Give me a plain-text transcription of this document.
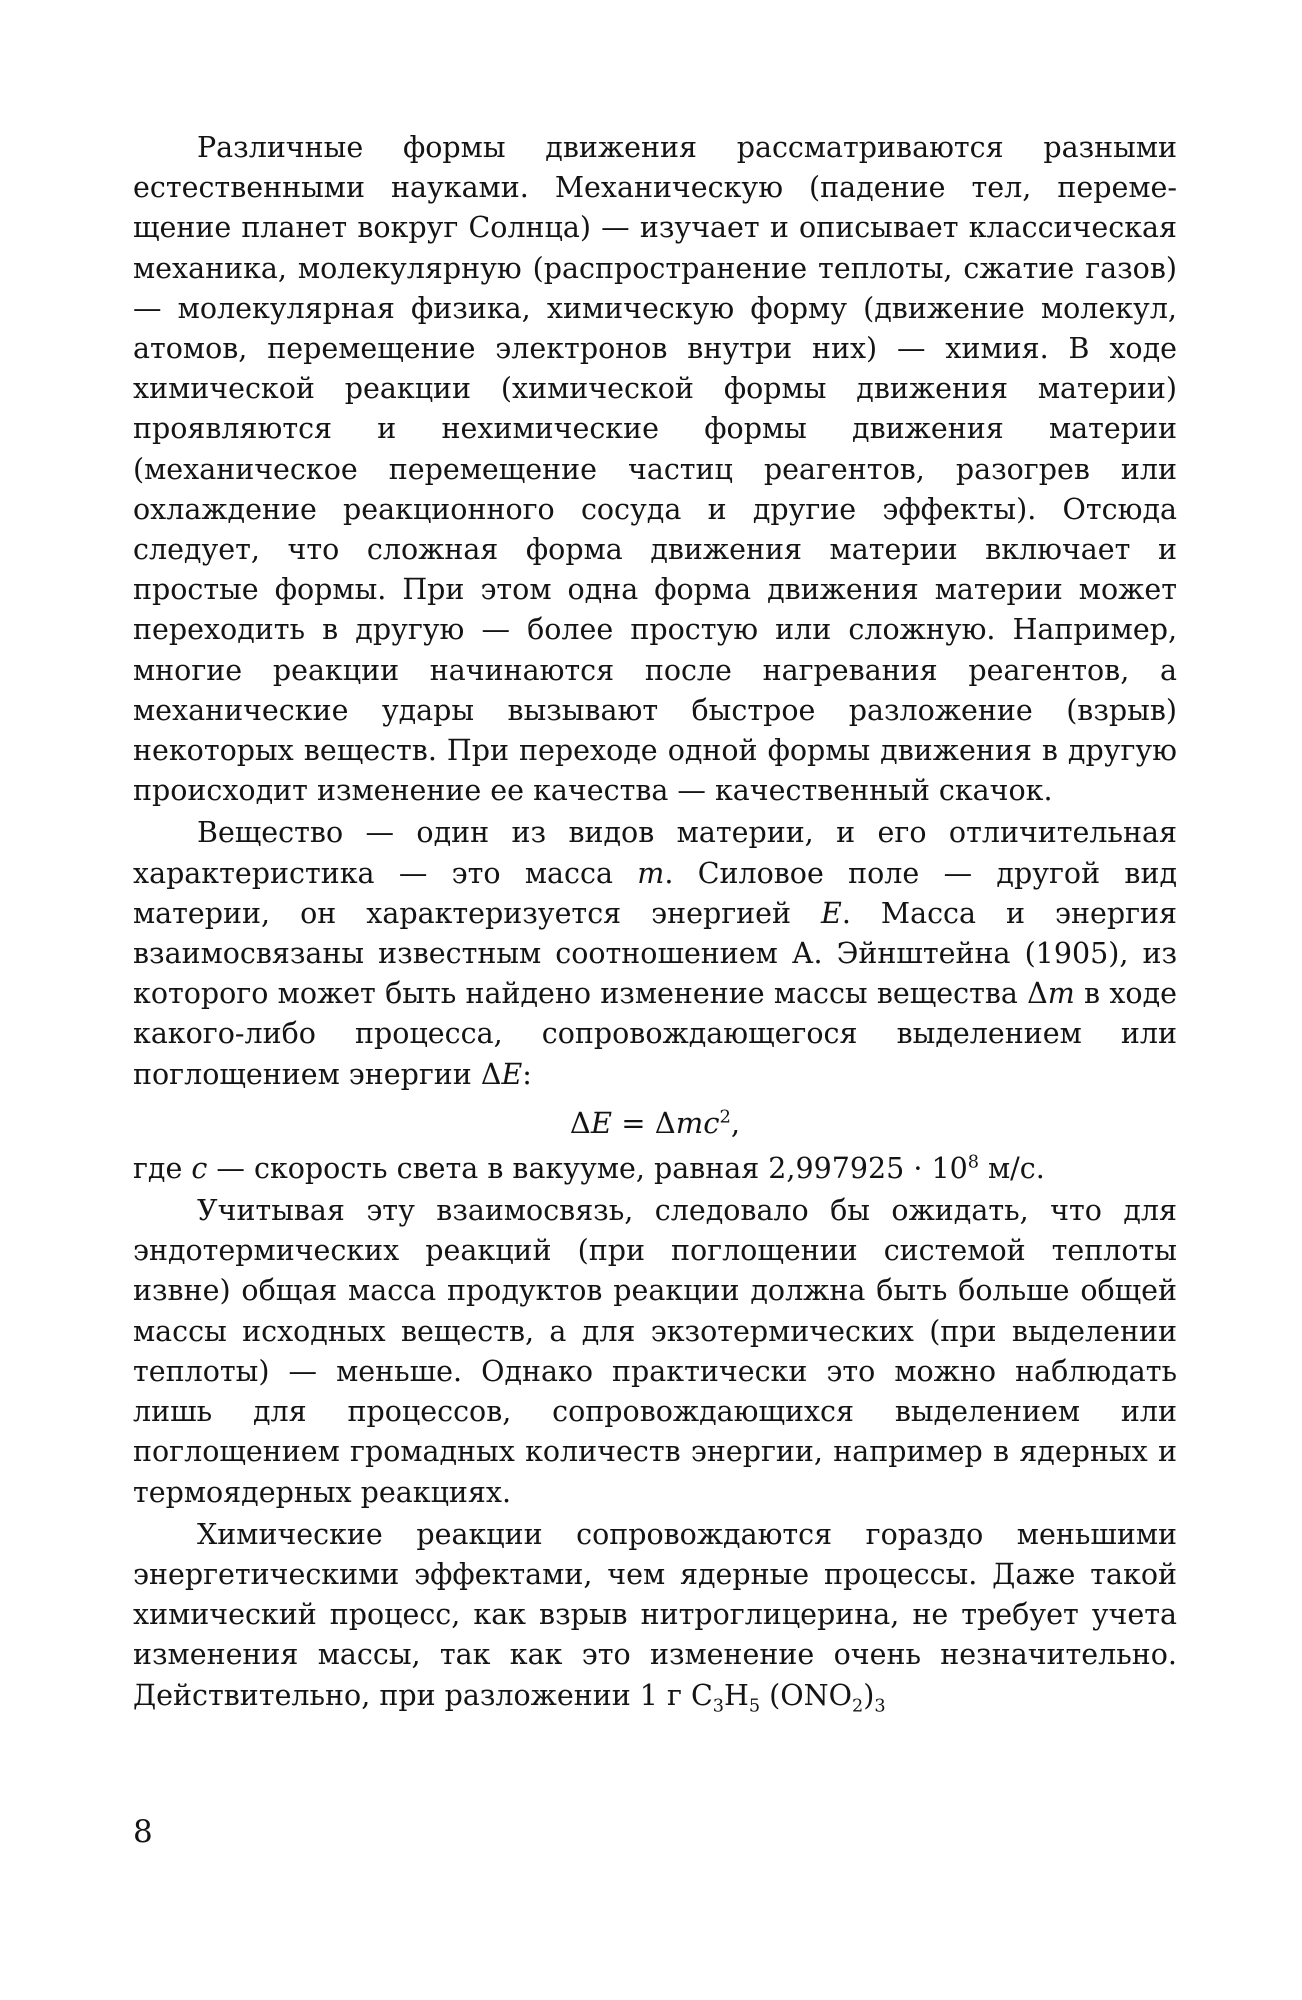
Различные формы движения рассматриваются разными естественными науками. Механическую (падение тел, перемещение планет вокруг Солнца) — изучает и описывает классическая механика, молекулярную (распространение теплоты, сжатие газов) — молекулярная физика, химическую форму (движение молекул, атомов, перемещение электронов внутри них) — химия. В ходе химической реакции (химической формы движения материи) проявляются и нехимические формы движения материи (механическое перемещение частиц реагентов, разогрев или охлаждение реакционного сосуда и другие эффекты). Отсюда следует, что сложная форма движения материи включает и простые формы. При этом одна форма движения материи может переходить в другую — более простую или сложную. Например, многие реакции начинаются после нагревания реагентов, а механические удары вызывают быстрое разложение (взрыв) некоторых веществ. При переходе одной формы движения в другую происходит изменение ее качества — качественный скачок.

Вещество — один из видов материи, и его отличительная характеристика — это масса m. Силовое поле — другой вид материи, он характеризуется энергией E. Масса и энергия взаимосвязаны известным соотношением А. Эйнштейна (1905), из которого может быть найдено изменение массы вещества Δm в ходе какого-либо процесса, сопровождающегося выделением или поглощением энергии ΔE:

ΔE = Δmc$^2$,

где c — скорость света в вакууме, равная $2,997925 \cdot 10^8$ м/с.

Учитывая эту взаимосвязь, следовало бы ожидать, что для эндотермических реакций (при поглощении системой теплоты извне) общая масса продуктов реакции должна быть больше общей массы исходных веществ, а для экзотермических (при выделении теплоты) — меньше. Однако практически это можно наблюдать лишь для процессов, сопровождающихся выделением или поглощением громадных количеств энергии, например в ядерных и термоядерных реакциях.

Химические реакции сопровождаются гораздо меньшими энергетическими эффектами, чем ядерные процессы. Даже такой химический процесс, как взрыв нитроглицерина, не требует учета изменения массы, так как это изменение очень незначительно. Действительно, при разложении 1 г $C_3H_5$ $(ONO_2)_3$

8
